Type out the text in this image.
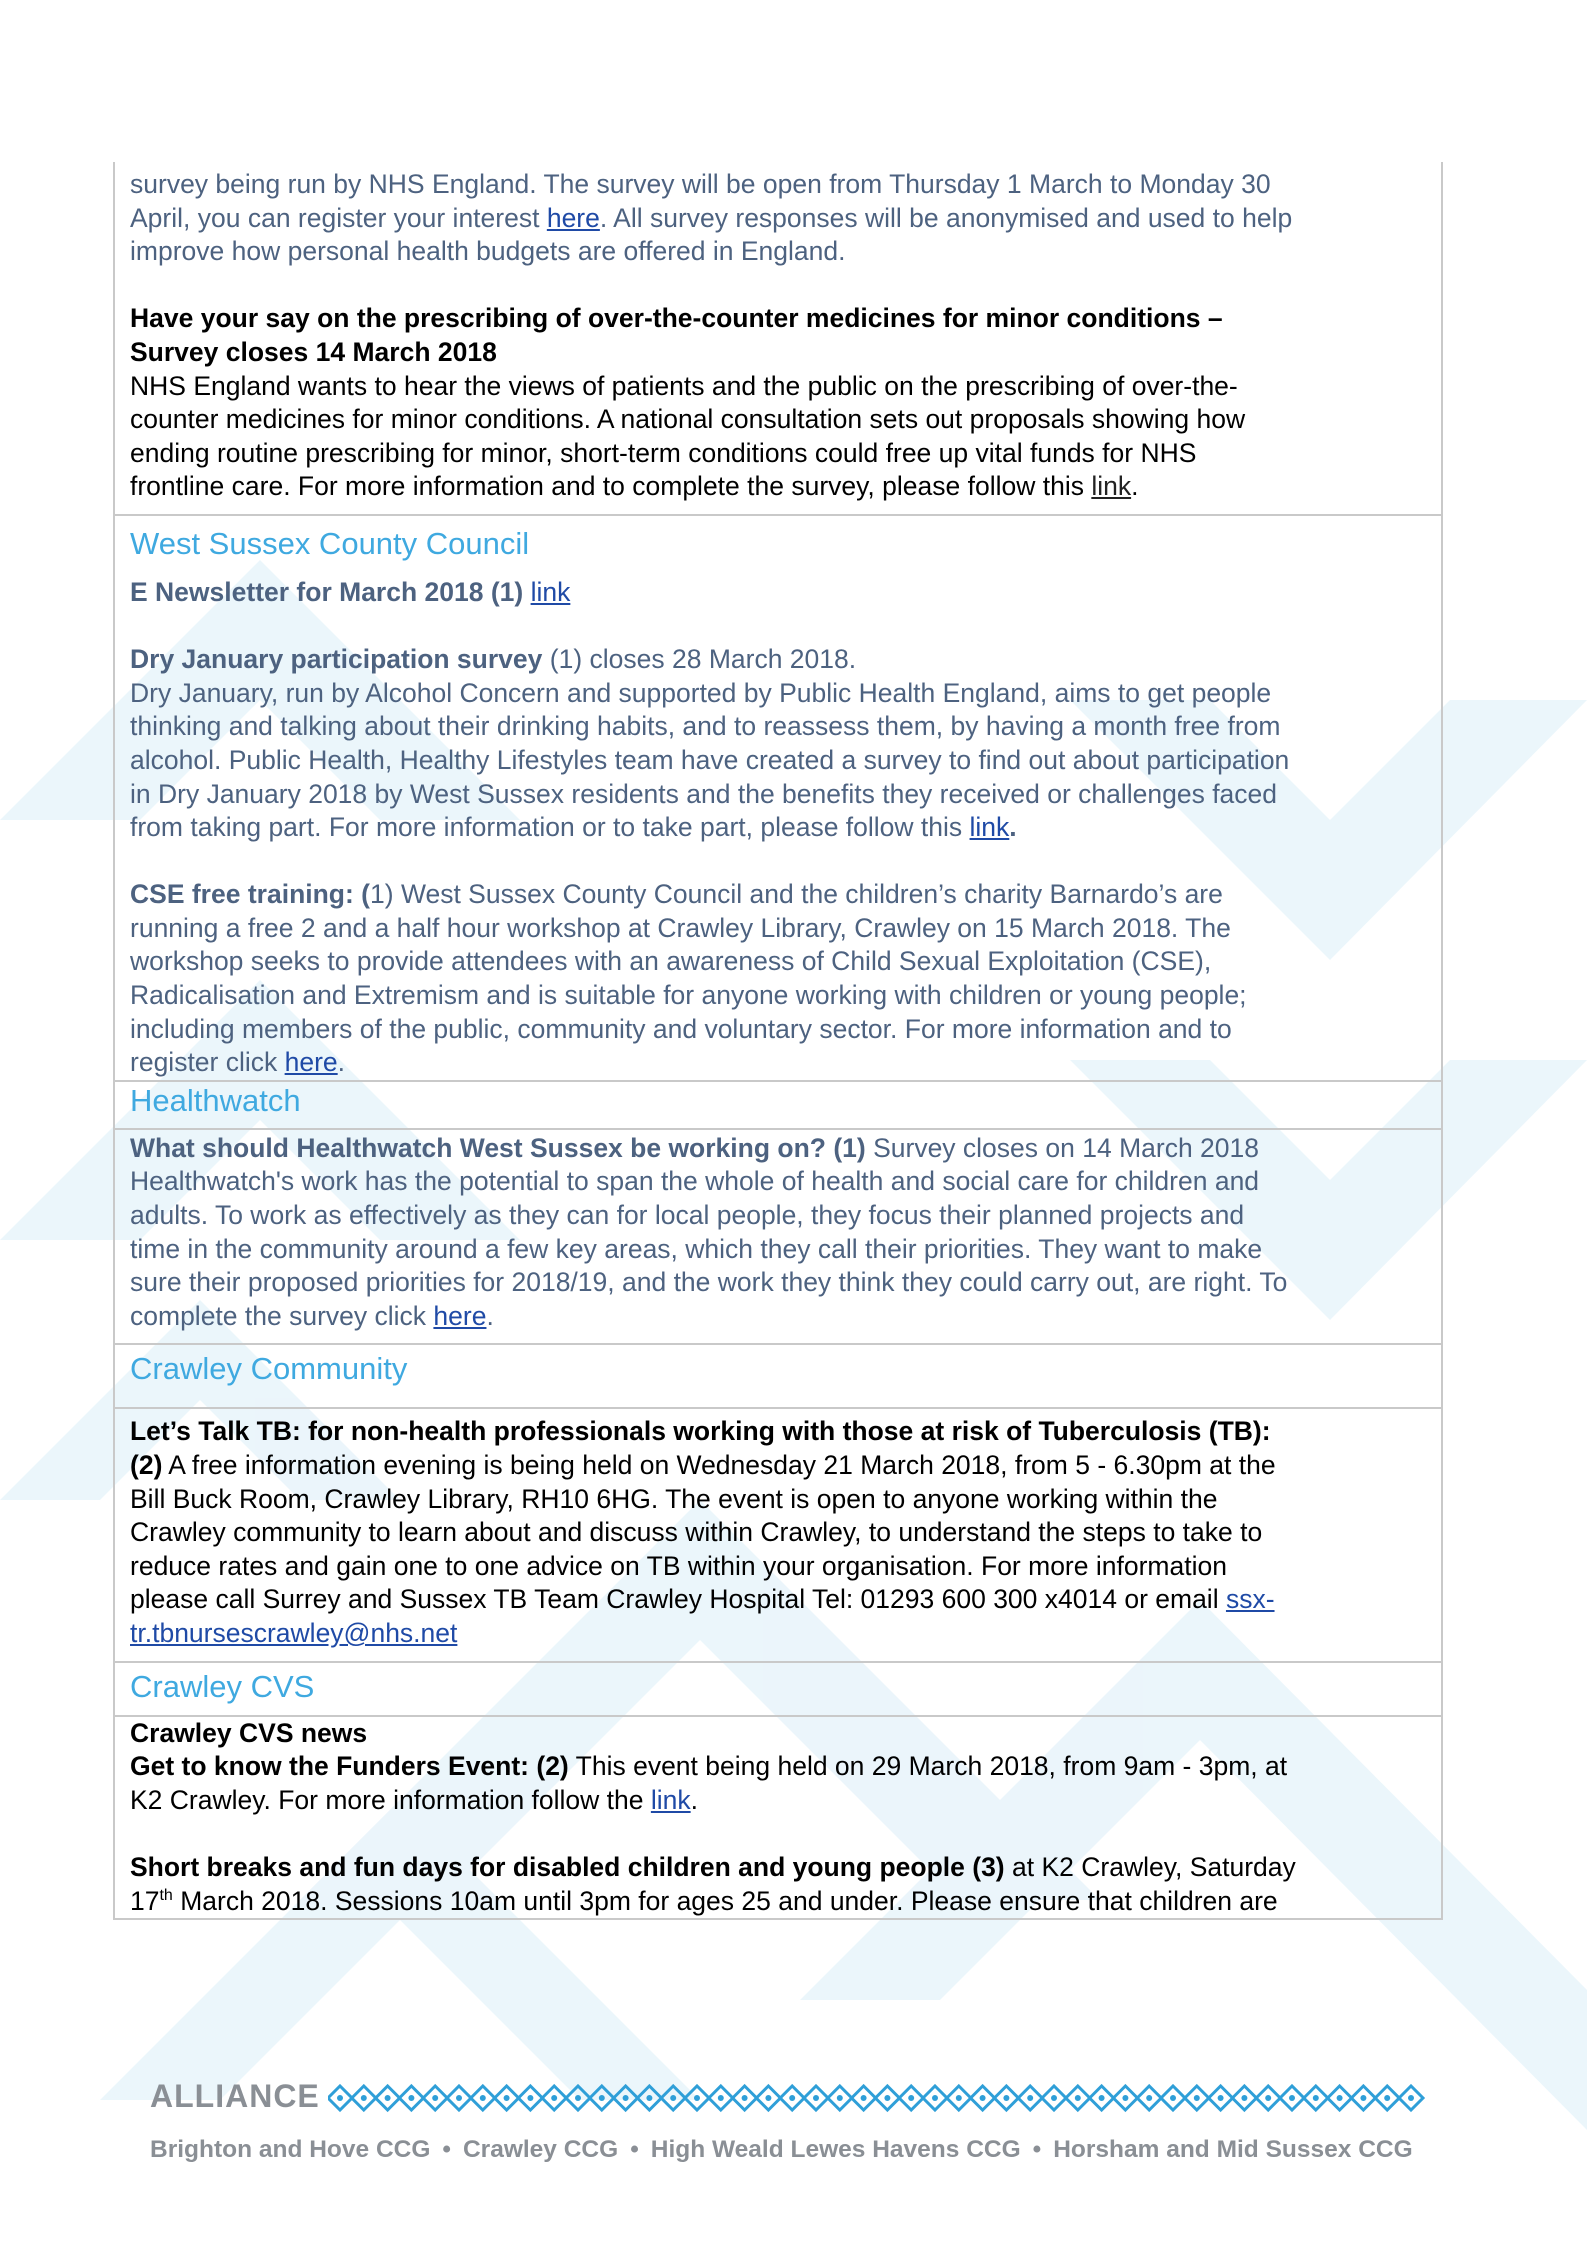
survey being run by NHS England. The survey will be open from Thursday 1 March to Monday 30

April, you can register your interest here. All survey responses will be anonymised and used to help

improve how personal health budgets are offered in England.

Have your say on the prescribing of over-the-counter medicines for minor conditions –

Survey closes 14 March 2018

NHS England wants to hear the views of patients and the public on the prescribing of over-the-

counter medicines for minor conditions. A national consultation sets out proposals showing how

ending routine prescribing for minor, short-term conditions could free up vital funds for NHS

frontline care. For more information and to complete the survey, please follow this link.

West Sussex County Council

E Newsletter for March 2018 (1) link

Dry January participation survey (1) closes 28 March 2018.

Dry January, run by Alcohol Concern and supported by Public Health England, aims to get people

thinking and talking about their drinking habits, and to reassess them, by having a month free from

alcohol. Public Health, Healthy Lifestyles team have created a survey to find out about participation

in Dry January 2018 by West Sussex residents and the benefits they received or challenges faced

from taking part. For more information or to take part, please follow this link.

CSE free training: (1) West Sussex County Council and the children’s charity Barnardo’s are

running a free 2 and a half hour workshop at Crawley Library, Crawley on 15 March 2018. The

workshop seeks to provide attendees with an awareness of Child Sexual Exploitation (CSE),

Radicalisation and Extremism and is suitable for anyone working with children or young people;

including members of the public, community and voluntary sector. For more information and to

register click here.

Healthwatch

What should Healthwatch West Sussex be working on? (1) Survey closes on 14 March 2018

Healthwatch's work has the potential to span the whole of health and social care for children and

adults. To work as effectively as they can for local people, they focus their planned projects and

time in the community around a few key areas, which they call their priorities. They want to make

sure their proposed priorities for 2018/19, and the work they think they could carry out, are right. To

complete the survey click here.

Crawley Community

Let’s Talk TB: for non-health professionals working with those at risk of Tuberculosis (TB):

(2) A free information evening is being held on Wednesday 21 March 2018, from 5 - 6.30pm at the

Bill Buck Room, Crawley Library, RH10 6HG. The event is open to anyone working within the

Crawley community to learn about and discuss within Crawley, to understand the steps to take to

reduce rates and gain one to one advice on TB within your organisation. For more information

please call Surrey and Sussex TB Team Crawley Hospital Tel: 01293 600 300 x4014 or email ssx-

tr.tbnursescrawley@nhs.net

Crawley CVS

Crawley CVS news

Get to know the Funders Event: (2) This event being held on 29 March 2018, from 9am - 3pm, at

K2 Crawley. For more information follow the link.

Short breaks and fun days for disabled children and young people (3) at K2 Crawley, Saturday

17th March 2018. Sessions 10am until 3pm for ages 25 and under. Please ensure that children are

ALLIANCE
Brighton and Hove CCG • Crawley CCG • High Weald Lewes Havens CCG • Horsham and Mid Sussex CCG
